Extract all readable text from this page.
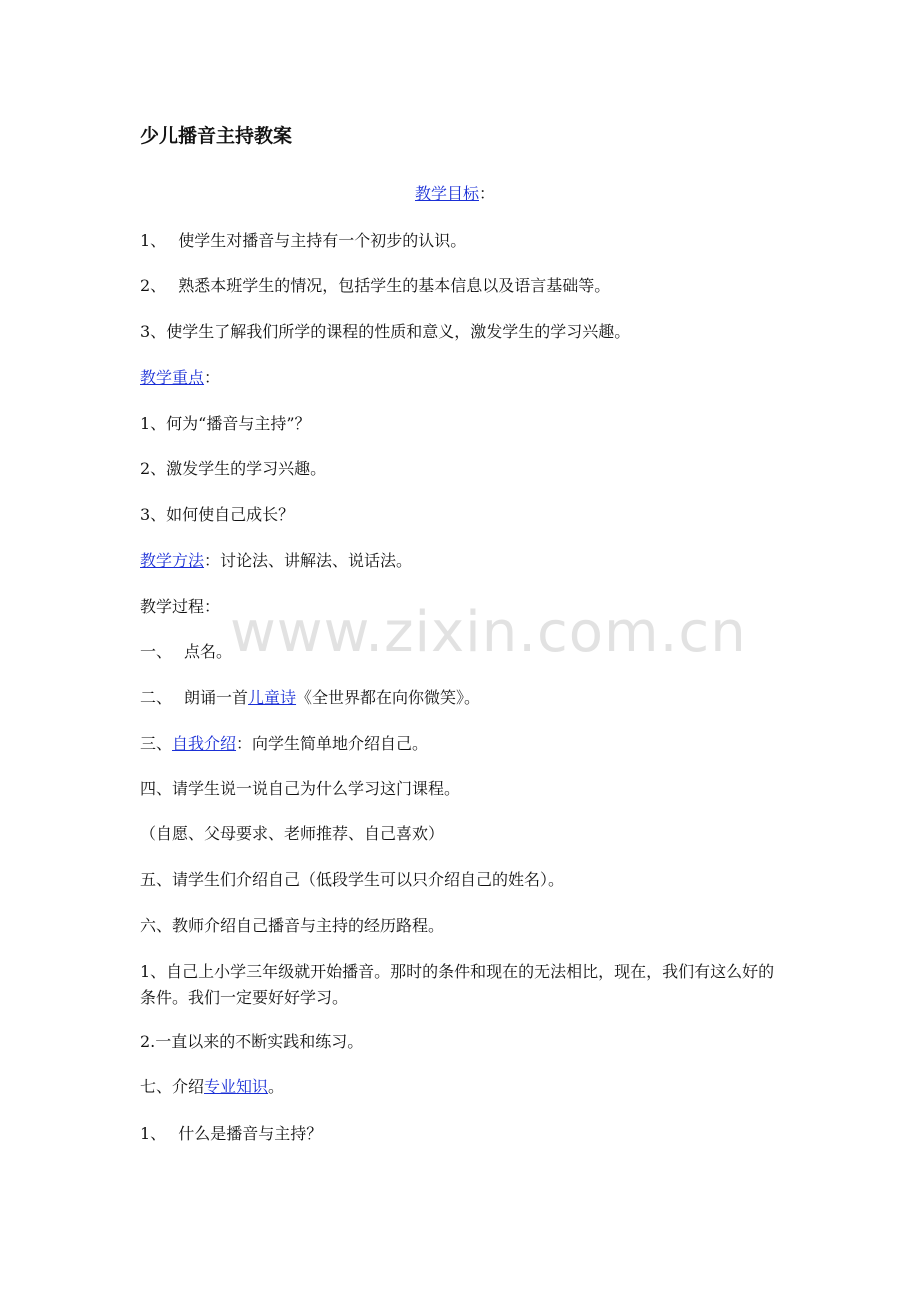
少儿播音主持教案

教学目标：

1、 使学生对播音与主持有一个初步的认识。

2、 熟悉本班学生的情况，包括学生的基本信息以及语言基础等。

3、使学生了解我们所学的课程的性质和意义，激发学生的学习兴趣。

教学重点：

1、何为“播音与主持”？

2、激发学生的学习兴趣。

3、如何使自己成长？

教学方法：讨论法、讲解法、说话法。

教学过程：

一、 点名。

二、 朗诵一首儿童诗《全世界都在向你微笑》。

三、自我介绍：向学生简单地介绍自己。

四、请学生说一说自己为什么学习这门课程。

（自愿、父母要求、老师推荐、自己喜欢）

五、请学生们介绍自己（低段学生可以只介绍自己的姓名）。

六、教师介绍自己播音与主持的经历路程。

1、自己上小学三年级就开始播音。那时的条件和现在的无法相比，现在，我们有这么好的条件。我们一定要好好学习。

2.一直以来的不断实践和练习。

七、介绍专业知识。

1、 什么是播音与主持？

www.zixin.com.cn
